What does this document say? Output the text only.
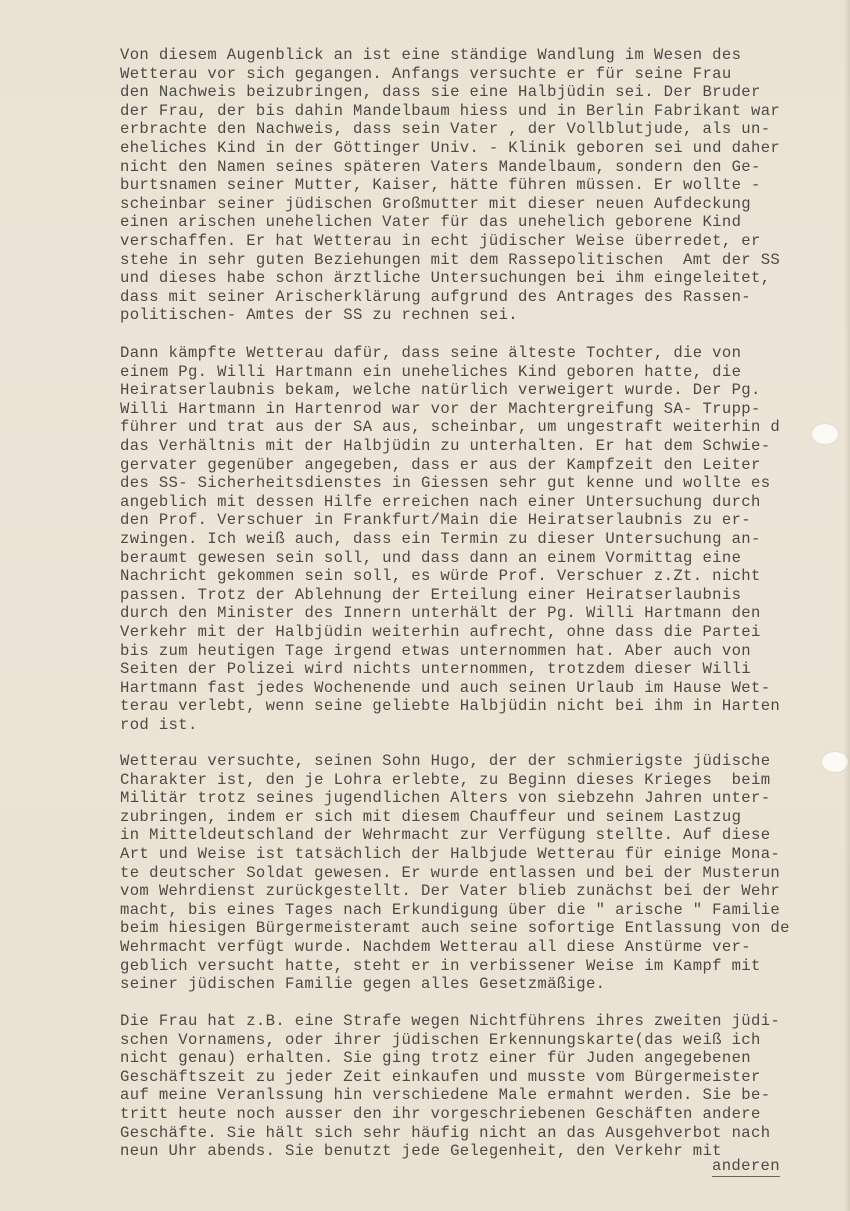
Von diesem Augenblick an ist eine ständige Wandlung im Wesen des
Wetterau vor sich gegangen. Anfangs versuchte er für seine Frau
den Nachweis beizubringen, dass sie eine Halbjüdin sei. Der Bruder
der Frau, der bis dahin Mandelbaum hiess und in Berlin Fabrikant war
erbrachte den Nachweis, dass sein Vater , der Vollblutjude, als un-
eheliches Kind in der Göttinger Univ. - Klinik geboren sei und daher
nicht den Namen seines späteren Vaters Mandelbaum, sondern den Ge-
burtsnamen seiner Mutter, Kaiser, hätte führen müssen. Er wollte -
scheinbar seiner jüdischen Großmutter mit dieser neuen Aufdeckung
einen arischen unehelichen Vater für das unehelich geborene Kind
verschaffen. Er hat Wetterau in echt jüdischer Weise überredet, er
stehe in sehr guten Beziehungen mit dem Rassepolitischen  Amt der SS
und dieses habe schon ärztliche Untersuchungen bei ihm eingeleitet,
dass mit seiner Arischerklärung aufgrund des Antrages des Rassen-
politischen- Amtes der SS zu rechnen sei.
Dann kämpfte Wetterau dafür, dass seine älteste Tochter, die von
einem Pg. Willi Hartmann ein uneheliches Kind geboren hatte, die
Heiratserlaubnis bekam, welche natürlich verweigert wurde. Der Pg.
Willi Hartmann in Hartenrod war vor der Machtergreifung SA- Trupp-
führer und trat aus der SA aus, scheinbar, um ungestraft weiterhin d
das Verhältnis mit der Halbjüdin zu unterhalten. Er hat dem Schwie-
gervater gegenüber angegeben, dass er aus der Kampfzeit den Leiter
des SS- Sicherheitsdienstes in Giessen sehr gut kenne und wollte es
angeblich mit dessen Hilfe erreichen nach einer Untersuchung durch
den Prof. Verschuer in Frankfurt/Main die Heiratserlaubnis zu er-
zwingen. Ich weiß auch, dass ein Termin zu dieser Untersuchung an-
beraumt gewesen sein soll, und dass dann an einem Vormittag eine
Nachricht gekommen sein soll, es würde Prof. Verschuer z.Zt. nicht
passen. Trotz der Ablehnung der Erteilung einer Heiratserlaubnis
durch den Minister des Innern unterhält der Pg. Willi Hartmann den
Verkehr mit der Halbjüdin weiterhin aufrecht, ohne dass die Partei
bis zum heutigen Tage irgend etwas unternommen hat. Aber auch von
Seiten der Polizei wird nichts unternommen, trotzdem dieser Willi
Hartmann fast jedes Wochenende und auch seinen Urlaub im Hause Wet-
terau verlebt, wenn seine geliebte Halbjüdin nicht bei ihm in Harten
rod ist.
Wetterau versuchte, seinen Sohn Hugo, der der schmierigste jüdische
Charakter ist, den je Lohra erlebte, zu Beginn dieses Krieges  beim
Militär trotz seines jugendlichen Alters von siebzehn Jahren unter-
zubringen, indem er sich mit diesem Chauffeur und seinem Lastzug
in Mitteldeutschland der Wehrmacht zur Verfügung stellte. Auf diese
Art und Weise ist tatsächlich der Halbjude Wetterau für einige Mona-
te deutscher Soldat gewesen. Er wurde entlassen und bei der Musterun
vom Wehrdienst zurückgestellt. Der Vater blieb zunächst bei der Wehr
macht, bis eines Tages nach Erkundigung über die " arische " Familie
beim hiesigen Bürgermeisteramt auch seine sofortige Entlassung von de
Wehrmacht verfügt wurde. Nachdem Wetterau all diese Anstürme ver-
geblich versucht hatte, steht er in verbissener Weise im Kampf mit
seiner jüdischen Familie gegen alles Gesetzmäßige.
Die Frau hat z.B. eine Strafe wegen Nichtführens ihres zweiten jüdi-
schen Vornamens, oder ihrer jüdischen Erkennungskarte(das weiß ich
nicht genau) erhalten. Sie ging trotz einer für Juden angegebenen
Geschäftszeit zu jeder Zeit einkaufen und musste vom Bürgermeister
auf meine Veranlssung hin verschiedene Male ermahnt werden. Sie be-
tritt heute noch ausser den ihr vorgeschriebenen Geschäften andere
Geschäfte. Sie hält sich sehr häufig nicht an das Ausgehverbot nach
neun Uhr abends. Sie benutzt jede Gelegenheit, den Verkehr mit
anderen
